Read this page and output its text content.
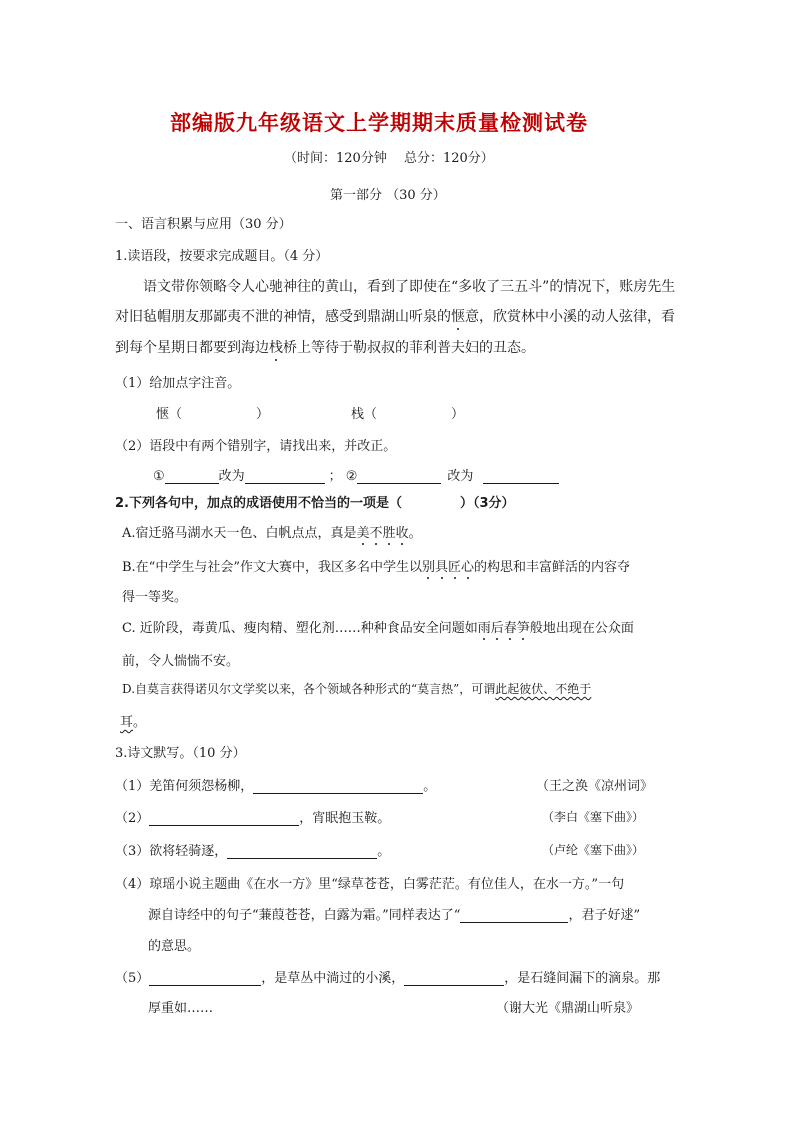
部编版九年级语文上学期期末质量检测试卷
（时间：120分钟　 总分：120分）
第一部分 （30 分）
一、语言积累与应用（30 分）
1.读语段，按要求完成题目。（4 分）
语文带你领略令人心驰神往的黄山，看到了即使在“多收了三五斗”的情况下，账房先生
对旧毡帽朋友那鄙夷不泄的神情，感受到鼎湖山听泉的惬意，欣赏林中小溪的动人弦律，看
到每个星期日都要到海边栈桥上等待于勒叔叔的菲利普夫妇的丑态。
（1）给加点字注音。
惬（	）	栈（	）
（2）语段中有两个错别字，请找出来，并改正。
①	改为	； ②	改为
2.下列各句中，加点的成语使用不恰当的一项是（	）（3分）
A.宿迁骆马湖水天一色、白帆点点，真是美不胜收。
B.在“中学生与社会”作文大赛中，我区多名中学生以别具匠心的构思和丰富鲜活的内容夺
得一等奖。
C. 近阶段，毒黄瓜、瘦肉精、塑化剂……种种食品安全问题如雨后春笋般地出现在公众面
前，令人惴惴不安。
D.自莫言获得诺贝尔文学奖以来，各个领域各种形式的“莫言热”，可谓此起彼伏、不绝于
耳。
3.诗文默写。（10 分）
（1）羌笛何须怨杨柳，	。	（王之涣《凉州词》
（2）	，宵眠抱玉鞍。	（李白《塞下曲》）
（3）欲将轻骑逐，	。	（卢纶《塞下曲》）
（4）琼瑶小说主题曲《在水一方》里“绿草苍苍，白雾茫茫。有位佳人，在水一方。”一句
源自诗经中的句子“蒹葭苍苍，白露为霜。”同样表达了“	，君子好逑”
的意思。
（5）	，是草丛中淌过的小溪，	，是石缝间漏下的滴泉。那
厚重如……	（谢大光《鼎湖山听泉》
